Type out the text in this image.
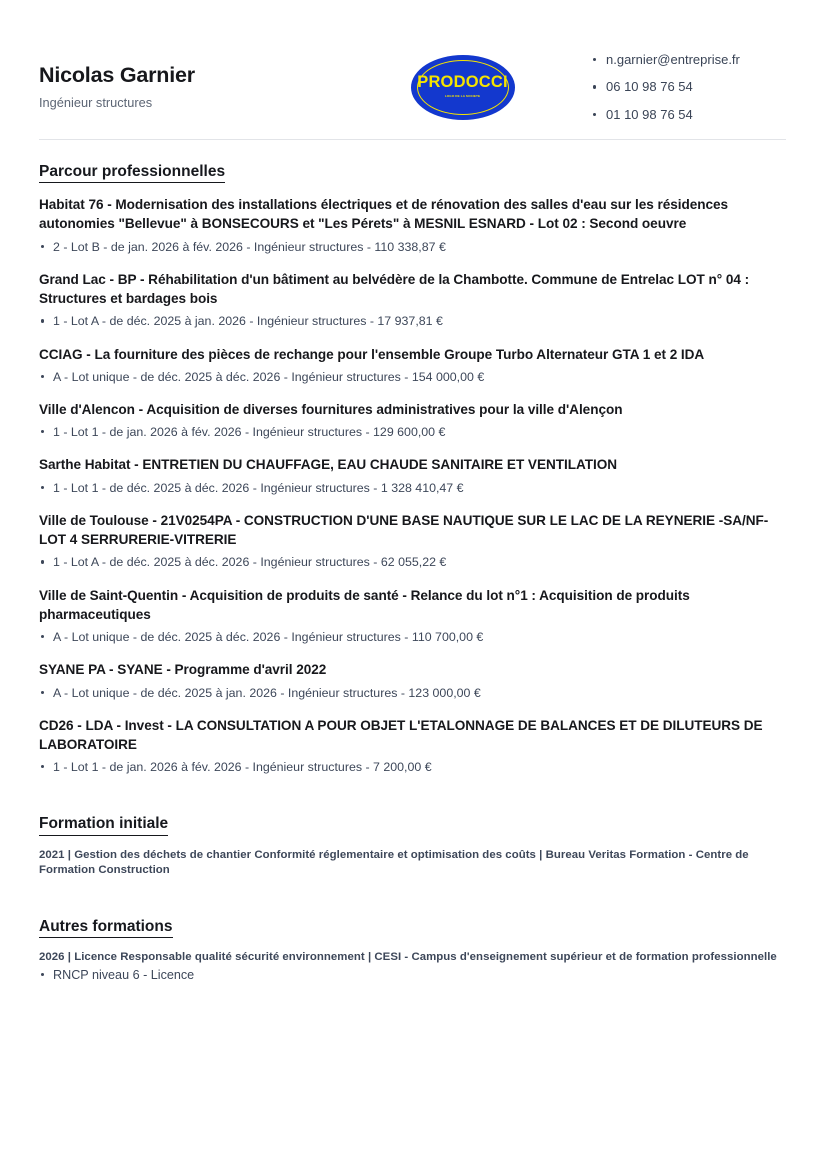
Nicolas Garnier
Ingénieur structures
PRODOCCI
LOGO DE LA SOCIETE
n.garnier@entreprise.fr
06 10 98 76 54
01 10 98 76 54
Parcour professionnelles
Habitat 76 - Modernisation des installations électriques et de rénovation des salles d'eau sur les résidences autonomies "Bellevue" à BONSECOURS et "Les Pérets" à MESNIL ESNARD - Lot 02 : Second oeuvre
2 - Lot B - de jan. 2026 à fév. 2026 - Ingénieur structures - 110 338,87 €
Grand Lac - BP - Réhabilitation d'un bâtiment au belvédère de la Chambotte. Commune de Entrelac LOT n° 04 : Structures et bardages bois
1 - Lot A - de déc. 2025 à jan. 2026 - Ingénieur structures - 17 937,81 €
CCIAG - La fourniture des pièces de rechange pour l'ensemble Groupe Turbo Alternateur GTA 1 et 2 IDA
A - Lot unique - de déc. 2025 à déc. 2026 - Ingénieur structures - 154 000,00 €
Ville d'Alencon - Acquisition de diverses fournitures administratives pour la ville d'Alençon
1 - Lot 1 - de jan. 2026 à fév. 2026 - Ingénieur structures - 129 600,00 €
Sarthe Habitat - ENTRETIEN DU CHAUFFAGE, EAU CHAUDE SANITAIRE ET VENTILATION
1 - Lot 1 - de déc. 2025 à déc. 2026 - Ingénieur structures - 1 328 410,47 €
Ville de Toulouse - 21V0254PA - CONSTRUCTION D'UNE BASE NAUTIQUE SUR LE LAC DE LA REYNERIE -SA/NF-LOT 4 SERRURERIE-VITRERIE
1 - Lot A - de déc. 2025 à déc. 2026 - Ingénieur structures - 62 055,22 €
Ville de Saint-Quentin - Acquisition de produits de santé - Relance du lot n°1 : Acquisition de produits pharmaceutiques
A - Lot unique - de déc. 2025 à déc. 2026 - Ingénieur structures - 110 700,00 €
SYANE PA - SYANE - Programme d'avril 2022
A - Lot unique - de déc. 2025 à jan. 2026 - Ingénieur structures - 123 000,00 €
CD26 - LDA - Invest - LA CONSULTATION A POUR OBJET L'ETALONNAGE DE BALANCES ET DE DILUTEURS DE LABORATOIRE
1 - Lot 1 - de jan. 2026 à fév. 2026 - Ingénieur structures - 7 200,00 €
Formation initiale
2021 | Gestion des déchets de chantier Conformité réglementaire et optimisation des coûts | Bureau Veritas Formation - Centre de Formation Construction
Autres formations
2026 | Licence Responsable qualité sécurité environnement | CESI - Campus d'enseignement supérieur et de formation professionnelle
RNCP niveau 6 - Licence
